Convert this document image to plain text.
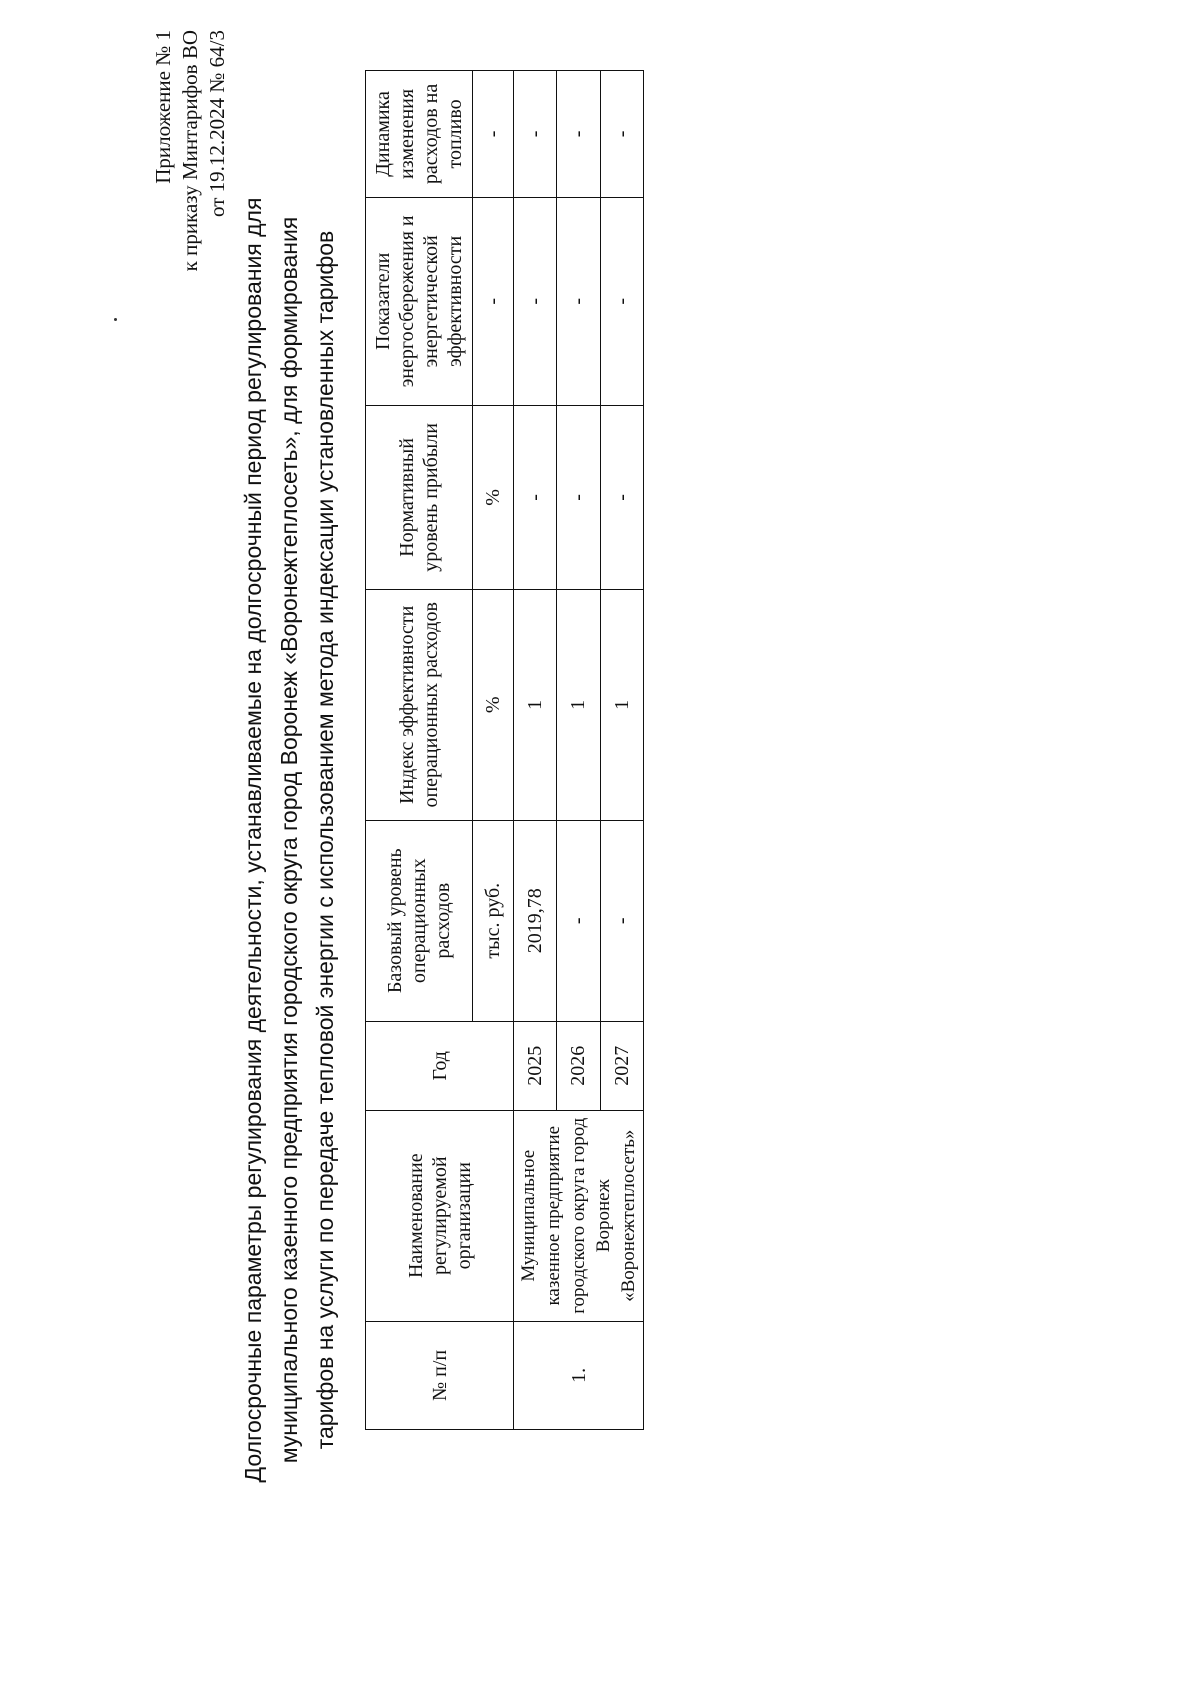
Приложение № 1 к приказу Минтарифов ВО от 19.12.2024 № 64/3
Долгосрочные параметры регулирования деятельности, устанавливаемые на долгосрочный период регулирования для муниципального казенного предприятия городского округа город Воронеж «Воронежтеплосеть», для формирования тарифов на услуги по передаче тепловой энергии с использованием метода индексации установленных тарифов	№ п/п	Наименование регулируемой организации	Год	Базовый уровень операционных расходов	Индекс эффективности операционных расходов	Нормативный уровень прибыли	Показатели энергосбережения и энергетической эффективности	Динамика изменения расходов на топливо
			тыс. руб.	%	%	-	-
1.	Муниципальное казенное предприятие городского округа город Воронеж «Воронежтеплосеть»	2025	2019,78	1	-	-	-
		2026	-	1	-	-	-
		2027	-	1	-	-	-
